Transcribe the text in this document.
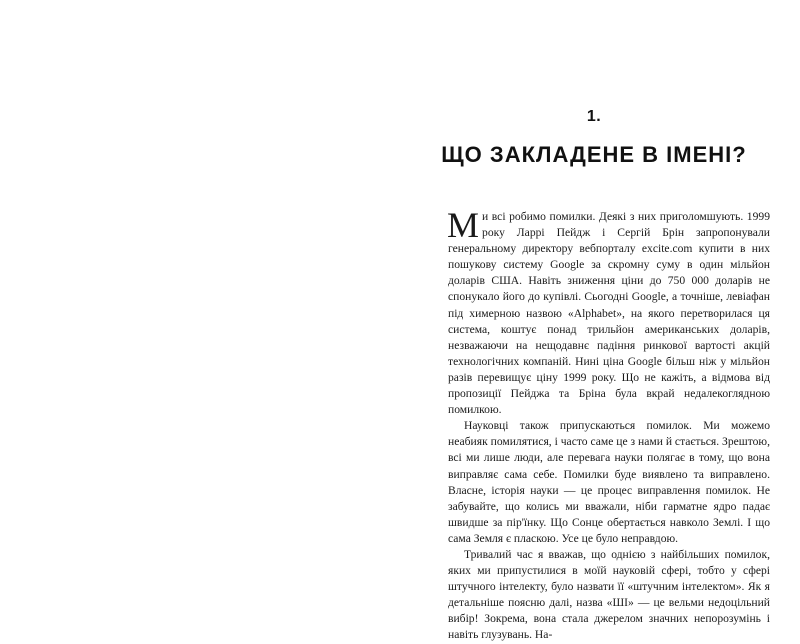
1.
ЩО ЗАКЛАДЕНЕ В ІМЕНІ?

Ми всі робимо помилки. Деякі з них приголомшують. 1999 року Ларрі Пейдж і Сергій Брін запропонували генеральному директору вебпорталу excite.com купити в них пошукову систему Google за скромну суму в один мільйон доларів США. Навіть зниження ціни до 750 000 доларів не спонукало його до купівлі. Сьогодні Google, а точніше, левіафан під химерною назвою «Alphabet», на якого перетворилася ця система, коштує понад трильйон американських доларів, незважаючи на нещодавнє падіння ринкової вартості акцій технологічних компаній. Нині ціна Google більш ніж у мільйон разів перевищує ціну 1999 року. Що не кажіть, а відмова від пропозиції Пейджа та Бріна була вкрай недалекоглядною помилкою.

Науковці також припускаються помилок. Ми можемо неабияк помилятися, і часто саме це з нами й стається. Зрештою, всі ми лише люди, але перевага науки полягає в тому, що вона виправляє сама себе. Помилки буде виявлено та виправлено. Власне, історія науки — це процес виправлення помилок. Не забувайте, що колись ми вважали, ніби гарматне ядро падає швидше за пір'їнку. Що Сонце обертається навколо Землі. І що сама Земля є пласкою. Усе це було неправдою.

Тривалий час я вважав, що однією з найбільших помилок, яких ми припустилися в моїй науковій сфері, тобто у сфері штучного інтелекту, було назвати її «штучним інтелектом». Як я детальніше поясню далі, назва «ШІ» — це вельми недоцільний вибір! Зокрема, вона стала джерелом значних непорозумінь і навіть глузувань. На-
